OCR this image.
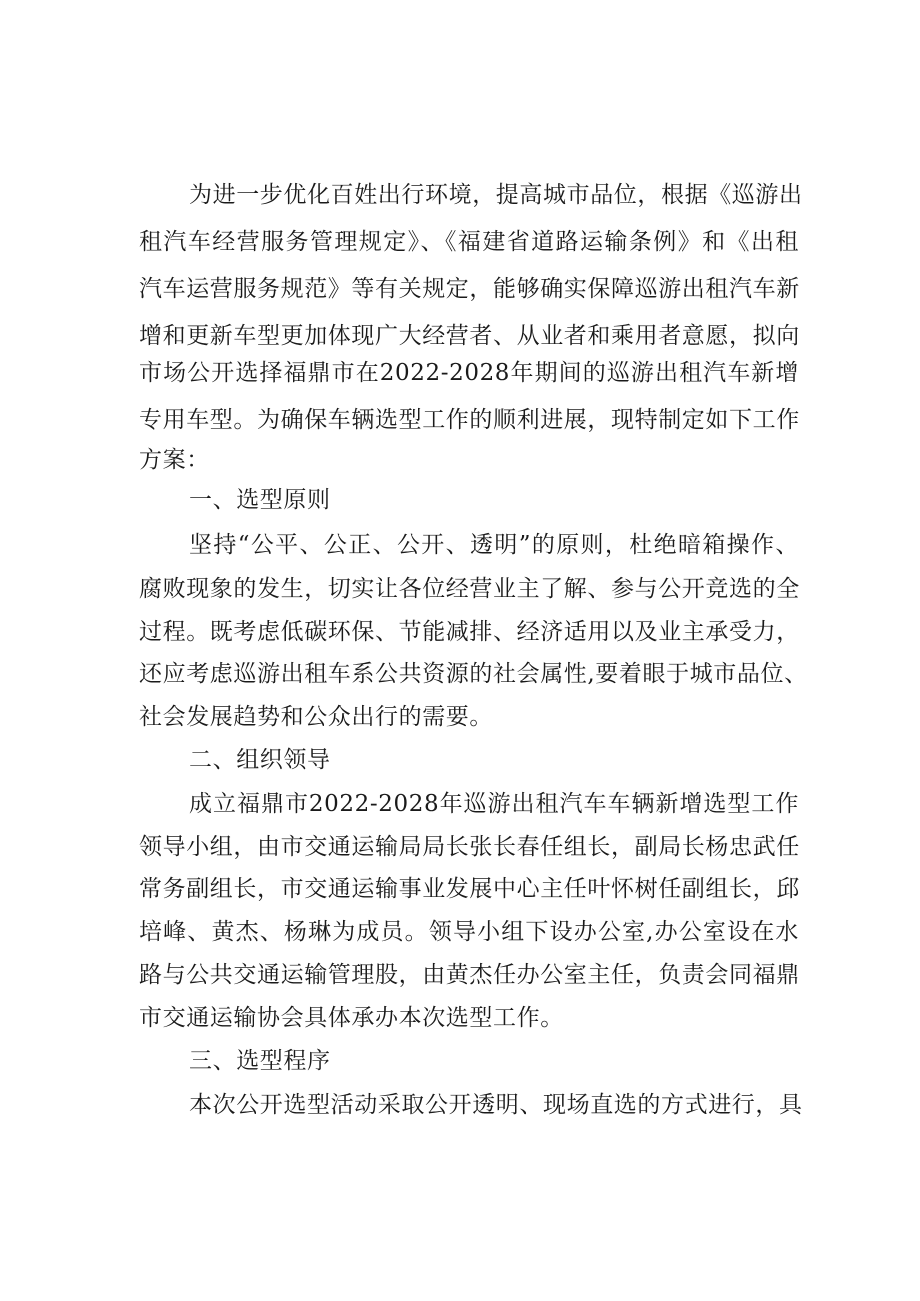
为进一步优化百姓出行环境，提高城市品位，根据《巡游出
租汽车经营服务管理规定》、《福建省道路运输条例》和《出租
汽车运营服务规范》等有关规定，能够确实保障巡游出租汽车新
增和更新车型更加体现广大经营者、从业者和乘用者意愿，拟向
市场公开选择福鼎市在2022-2028年期间的巡游出租汽车新增
专用车型。为确保车辆选型工作的顺利进展，现特制定如下工作
方案：
一、选型原则
坚持“公平、公正、公开、透明”的原则，杜绝暗箱操作、
腐败现象的发生，切实让各位经营业主了解、参与公开竞选的全
过程。既考虑低碳环保、节能减排、经济适用以及业主承受力，
还应考虑巡游出租车系公共资源的社会属性,要着眼于城市品位、
社会发展趋势和公众出行的需要。
二、组织领导
成立福鼎市2022-2028年巡游出租汽车车辆新增选型工作
领导小组，由市交通运输局局长张长春任组长，副局长杨忠武任
常务副组长，市交通运输事业发展中心主任叶怀树任副组长，邱
培峰、黄杰、杨琳为成员。领导小组下设办公室,办公室设在水
路与公共交通运输管理股，由黄杰任办公室主任，负责会同福鼎
市交通运输协会具体承办本次选型工作。
三、选型程序
本次公开选型活动采取公开透明、现场直选的方式进行，具
